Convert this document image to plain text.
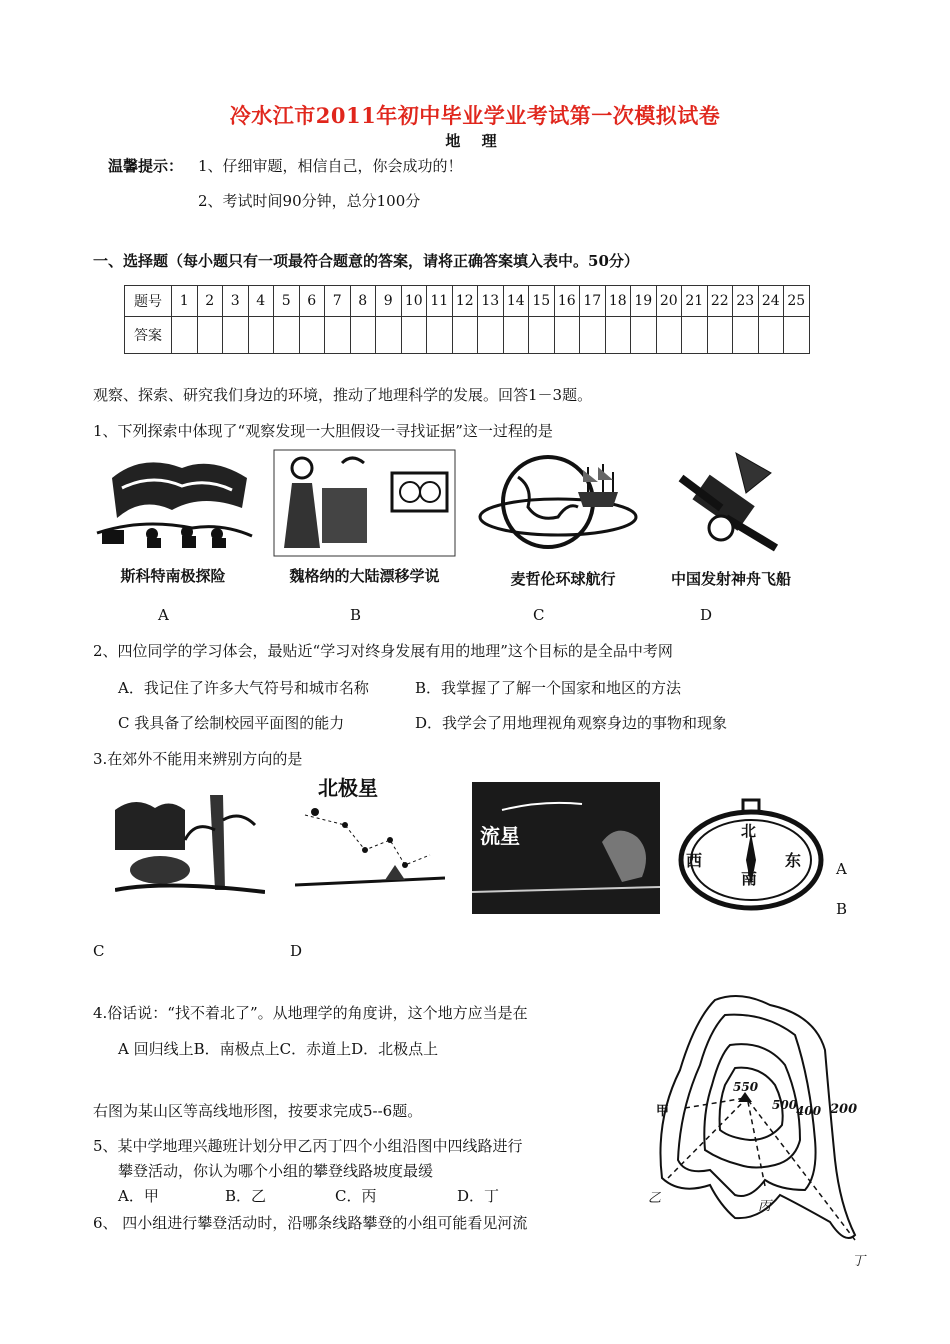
冷水江市2011年初中毕业学业考试第一次模拟试卷
地 理
温馨提示： 1、仔细审题，相信自己，你会成功的！
2、考试时间90分钟，总分100分
一、选择题（每小题只有一项最符合题意的答案，请将正确答案填入表中。50分）
题号	1	2	3	4	5	6	7	8	9	10	11	12	13	14	15	16	17	18	19	20	21	22	23	24	25
答案																									
观察、探索、研究我们身边的环境，推动了地理科学的发展。回答1－3题。
1、下列探索中体现了“观察发现一大胆假设一寻找证据”这一过程的是
斯科特南极探险	魏格纳的大陆漂移学说	麦哲伦环球航行	中国发射神舟飞船
A	B	C	D
2、四位同学的学习体会，最贴近“学习对终身发展有用的地理”这个目标的是全品中考网
A．我记住了许多大气符号和城市名称	B．我掌握了了解一个国家和地区的方法
C 我具备了绘制校园平面图的能力	D．我学会了用地理视角观察身边的事物和现象
3.在郊外不能用来辨别方向的是
北极星
流星	北
南
西	东 A
B
C	D
4.俗话说：“找不着北了”。从地理学的角度讲，这个地方应当是在
A 回归线上B．南极点上C．赤道上D．北极点上
右图为某山区等高线地形图，按要求完成5--6题。
5、某中学地理兴趣班计划分甲乙丙丁四个小组沿图中四线路进行
攀登活动，你认为哪个小组的攀登线路坡度最缓
A．甲	B．乙	C．丙	D．丁
6、 四小组进行攀登活动时，沿哪条线路攀登的小组可能看见河流
550
500
400 200
甲
乙
丙
丁
